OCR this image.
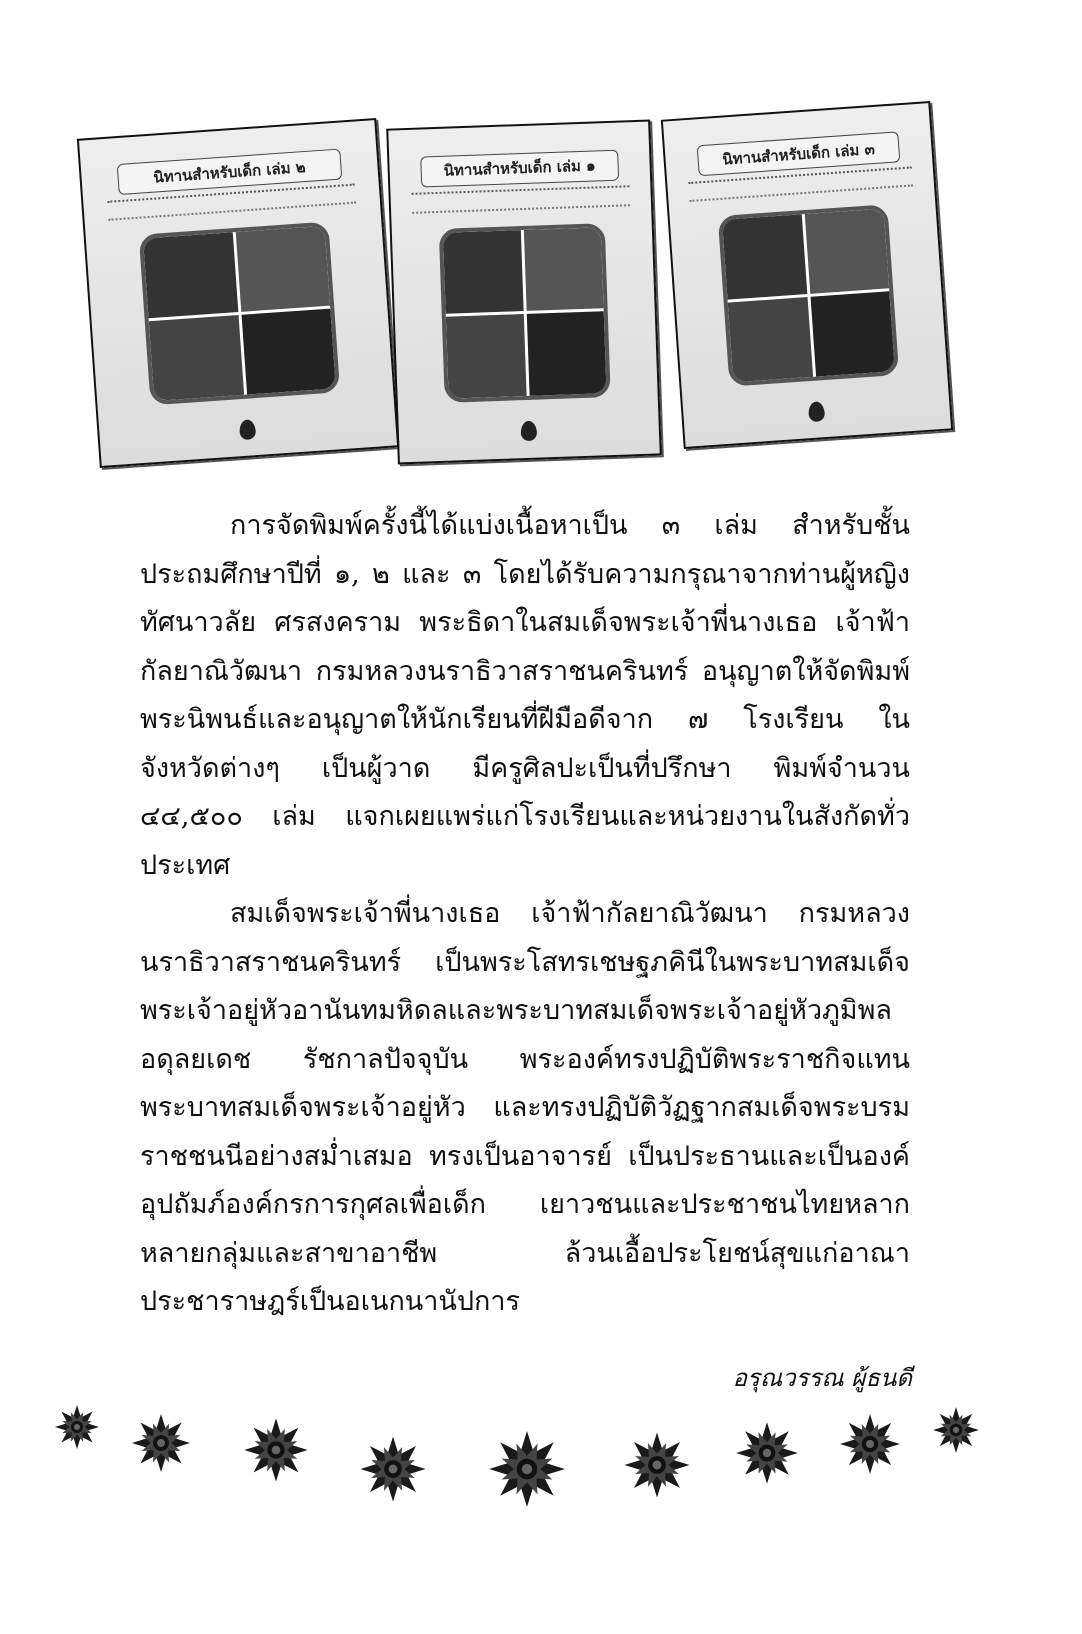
นิทานสำหรับเด็ก เล่ม ๒	นิทานสำหรับเด็ก เล่ม ๑
นิทานสำหรับเด็ก เล่ม ๓

การจัดพิมพ์ครั้งนี้ได้แบ่งเนื้อหาเป็น ๓ เล่ม สำหรับชั้นประถมศึกษาปีที่ ๑, ๒ และ ๓ โดยได้รับความกรุณาจากท่านผู้หญิงทัศนาวลัย ศรสงคราม พระธิดาในสมเด็จพระเจ้าพี่นางเธอ เจ้าฟ้ากัลยาณิวัฒนา กรมหลวงนราธิวาสราชนครินทร์ อนุญาตให้จัดพิมพ์พระนิพนธ์และอนุญาตให้นักเรียนที่ฝีมือดีจาก ๗ โรงเรียน ในจังหวัดต่างๆ เป็นผู้วาด มีครูศิลปะเป็นที่ปรึกษา พิมพ์จำนวน ๔๔,๕๐๐ เล่ม แจกเผยแพร่แก่โรงเรียนและหน่วยงานในสังกัดทั่วประเทศ

สมเด็จพระเจ้าพี่นางเธอ เจ้าฟ้ากัลยาณิวัฒนา กรมหลวงนราธิวาสราชนครินทร์ เป็นพระโสทรเชษฐภคินีในพระบาทสมเด็จพระเจ้าอยู่หัวอานันทมหิดลและพระบาทสมเด็จพระเจ้าอยู่หัวภูมิพล อดุลยเดช รัชกาลปัจจุบัน พระองค์ทรงปฏิบัติพระราชกิจแทนพระบาทสมเด็จพระเจ้าอยู่หัว และทรงปฏิบัติวัฏฐากสมเด็จพระบรมราชชนนีอย่างสม่ำเสมอ ทรงเป็นอาจารย์ เป็นประธานและเป็นองค์อุปถัมภ์องค์กรการกุศลเพื่อเด็ก เยาวชนและประชาชนไทยหลากหลายกลุ่มและสาขาอาชีพ ล้วนเอื้อประโยชน์สุขแก่อาณาประชาราษฎร์เป็นอเนกนานัปการ

อรุณวรรณ ผู้ธนดี
